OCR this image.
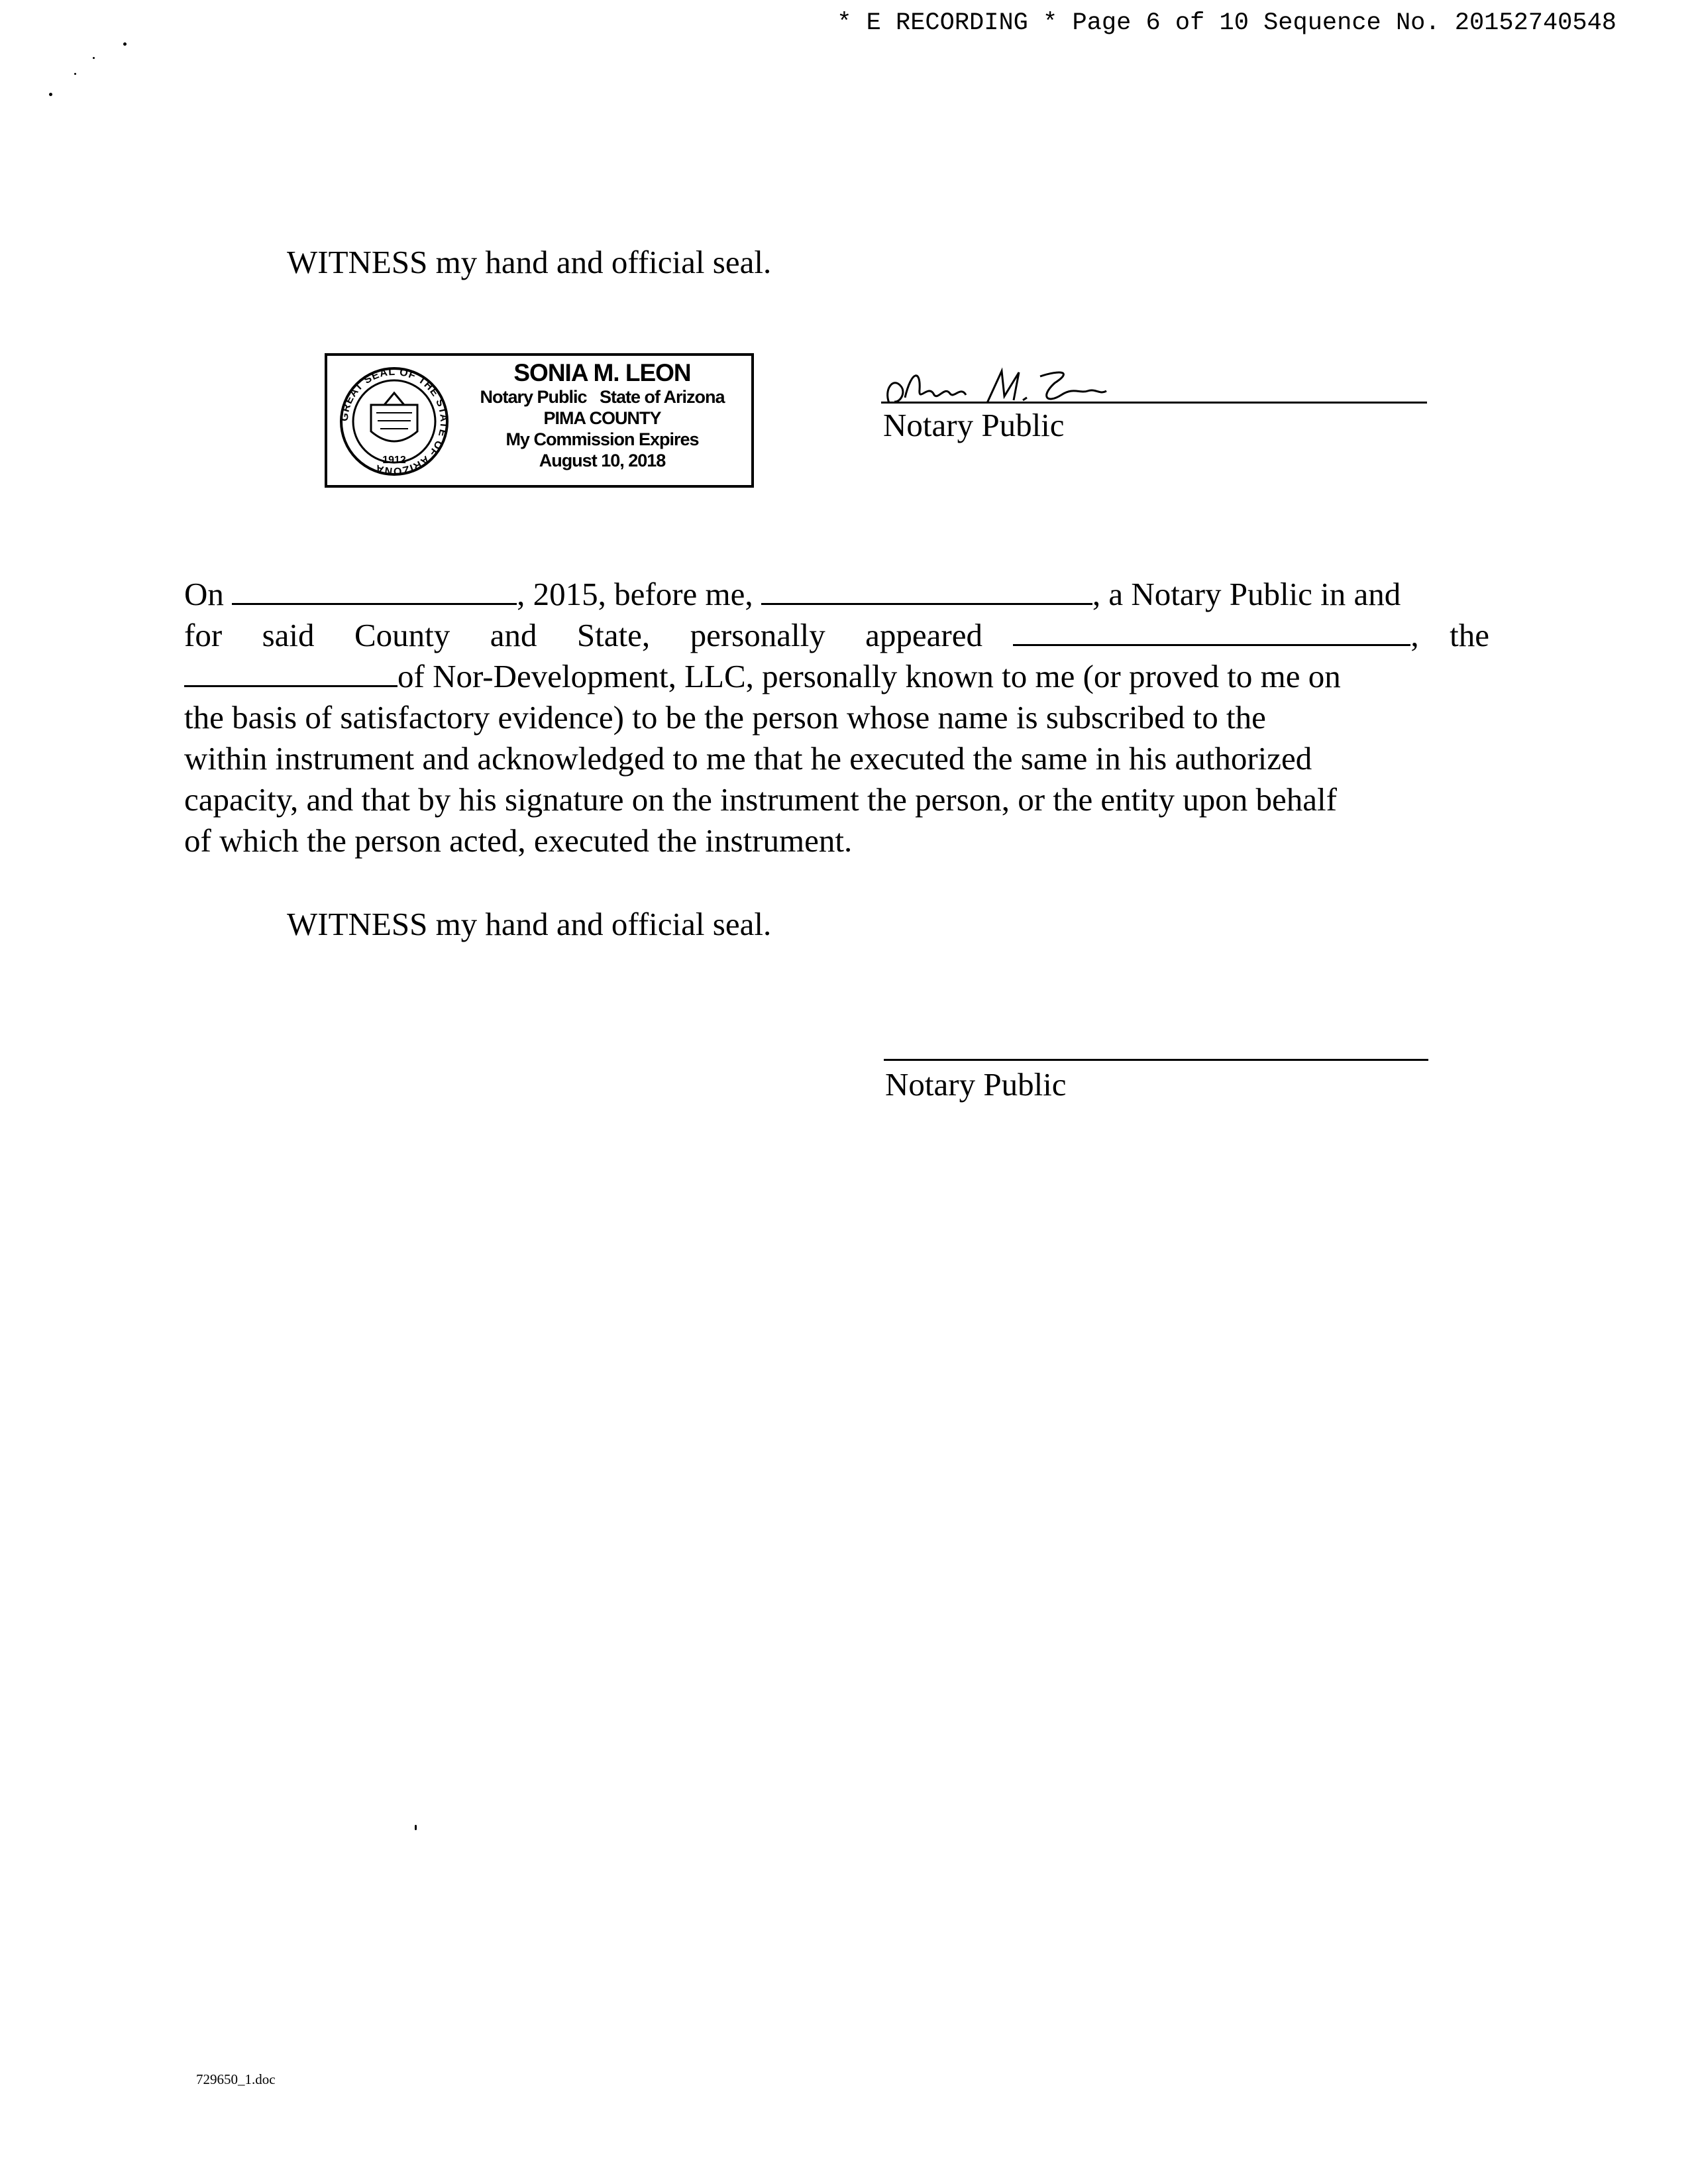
* E RECORDING * Page 6 of 10 Sequence No. 20152740548
WITNESS my hand and official seal.
GREAT SEAL OF THE STATE OF ARIZONA
1912
SONIA M. LEON
Notary Public   State of Arizona
PIMA COUNTY
My Commission Expires
August 10, 2018
Notary Public
On	, 2015, before me,	, a Notary Public in and
for said County and State, personally appeared	, the
of Nor-Development, LLC, personally known to me (or proved to me on
the basis of satisfactory evidence) to be the person whose name is subscribed to the
within instrument and acknowledged to me that he executed the same in his authorized
capacity, and that by his signature on the instrument the person, or the entity upon behalf
of which the person acted, executed the instrument.
WITNESS my hand and official seal.
Notary Public
729650_1.doc
